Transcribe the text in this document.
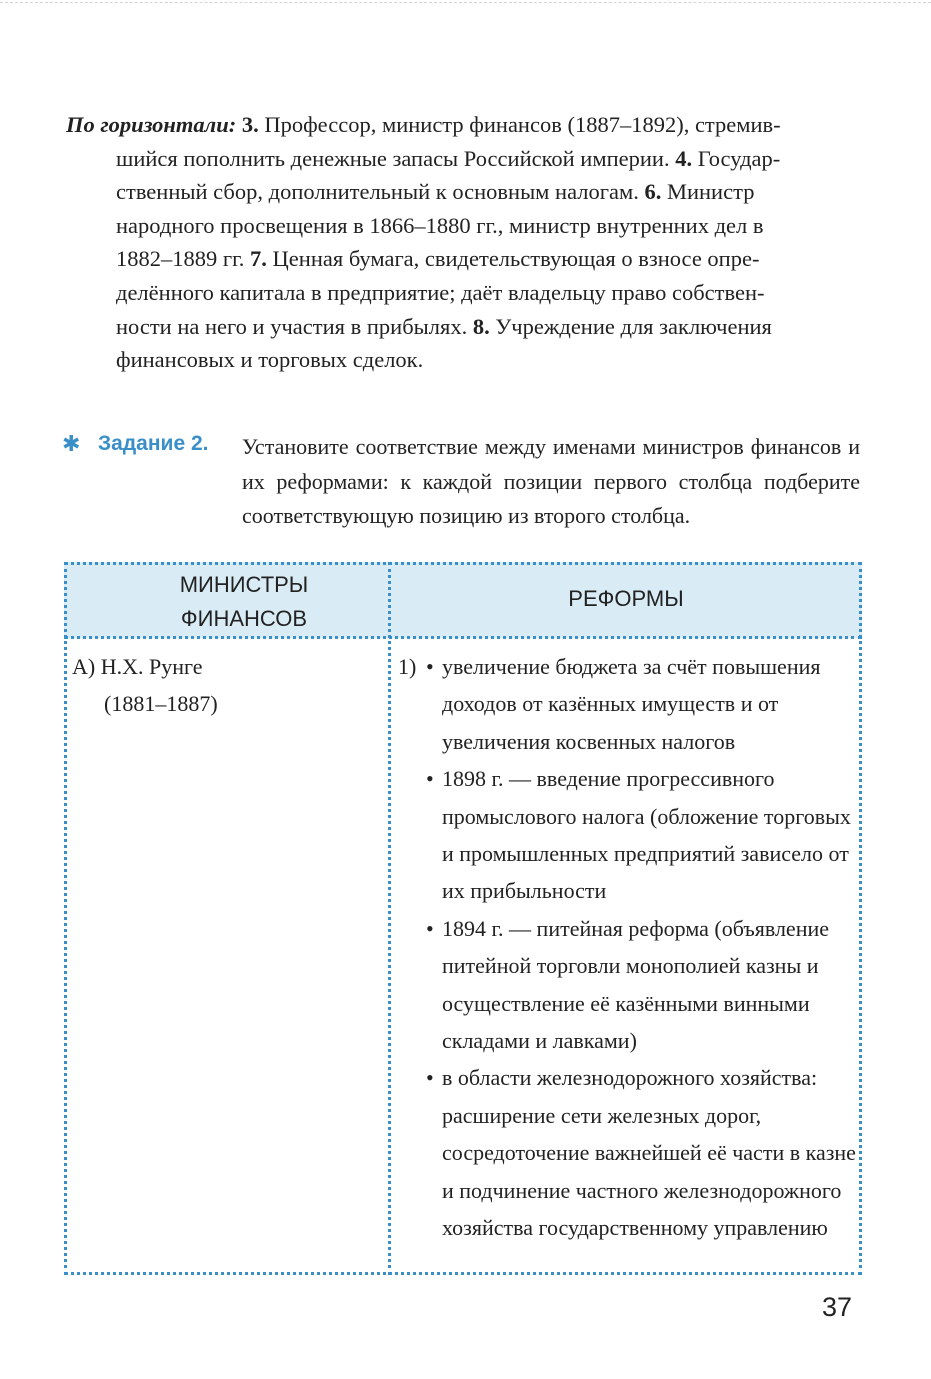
По горизонтали: 3. Профессор, министр финансов (1887–1892), стремив-
шийся пополнить денежные запасы Российской империи. 4. Государ-
ственный сбор, дополнительный к основным налогам. 6. Министр
народного просвещения в 1866–1880 гг., министр внутренних дел в
1882–1889 гг. 7. Ценная бумага, свидетельствующая о взносе опре-
делённого капитала в предприятие; даёт владельцу право собствен-
ности на него и участия в прибылях. 8. Учреждение для заключения
финансовых и торговых сделок.
✱ Задание 2. Установите соответствие между именами министров финансов и их реформами: к каждой позиции первого столбца подберите соответствующую позицию из второго столбца.
МИНИСТРЫ
ФИНАНСОВ
РЕФОРМЫ
А) Н.Х. Рунге
(1881–1887)
1) • увеличение бюджета за счёт повышения доходов от казённых имуществ и от увеличения косвенных налогов
• 1898 г. — введение прогрессивного промыслового налога (обложение торговых и промышленных предприятий зависело от их прибыльности
• 1894 г. — питейная реформа (объявление питейной торговли монополией казны и осуществление её казёнными винными складами и лавками)
• в области железнодорожного хозяйства: расширение сети железных дорог, сосредоточение важнейшей её части в казне и подчинение частного железнодорожного хозяйства государственному управлению
37
